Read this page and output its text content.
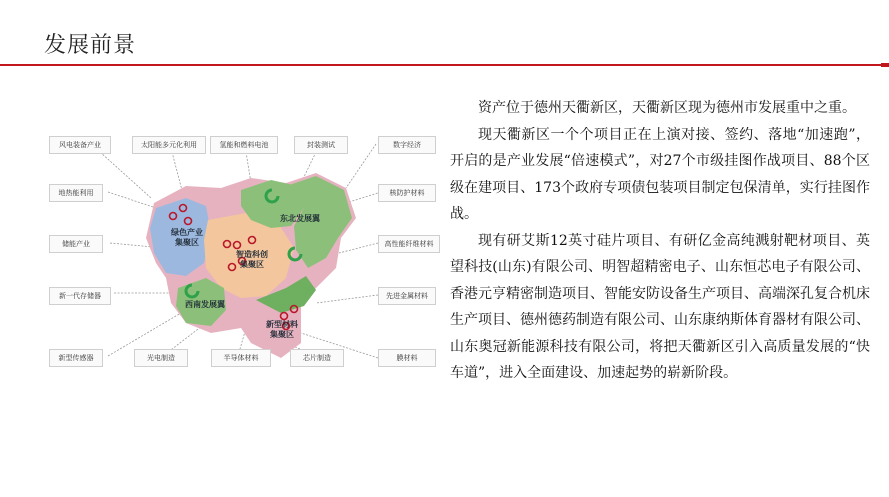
发展前景
风电装备产业
地热能利用
储能产业
新一代存储器
新型传感器
太阳能多元化利用	氢能和燃料电池	封装测试	数字经济
核防护材料
高性能纤维材料
先进金属材料
膜材料
光电制造	半导体材料	芯片制造
绿色产业
集聚区
东北发展翼
智造科创
集聚区
西南发展翼
新型材料
集聚区

资产位于德州天衢新区，天衢新区现为德州市发展重中之重。

现天衢新区一个个项目正在上演对接、签约、落地“加速跑”，开启的是产业发展“倍速模式”，对27个市级挂图作战项目、88个区级在建项目、173个政府专项债包装项目制定包保清单，实行挂图作战。

现有研艾斯12英寸硅片项目、有研亿金高纯溅射靶材项目、英望科技(山东)有限公司、明智超精密电子、山东恒芯电子有限公司、香港元亨精密制造项目、智能安防设备生产项目、高端深孔复合机床生产项目、德州德药制造有限公司、山东康纳斯体育器材有限公司、山东奥冠新能源科技有限公司，将把天衢新区引入高质量发展的“快车道”，进入全面建设、加速起势的崭新阶段。
